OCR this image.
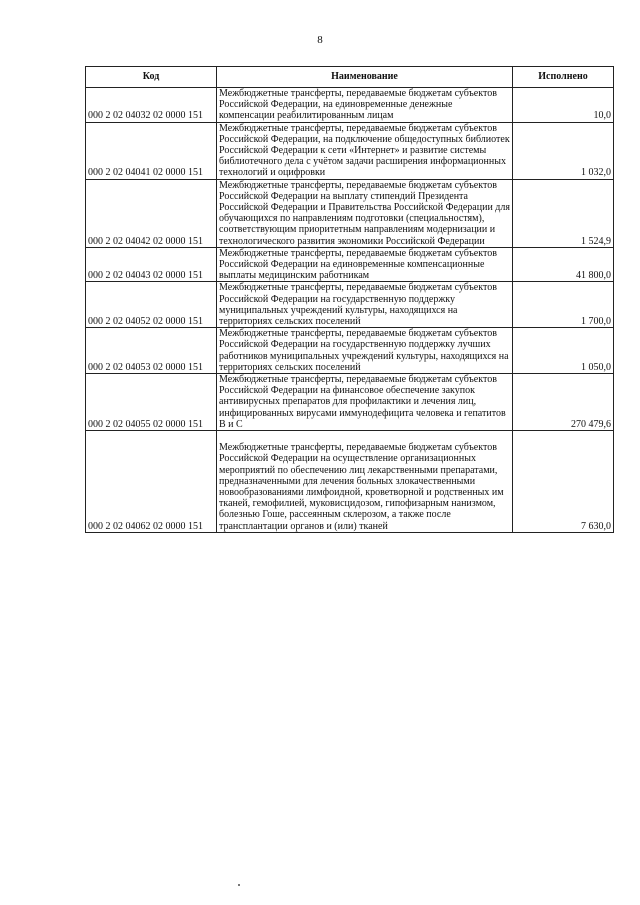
8
Код	Наименование	Исполнено
000 2 02 04032 02 0000 151	Межбюджетные трансферты, передаваемые бюджетам субъектов Российской Федерации, на единовременные денежные компенсации реабилитированным лицам	10,0
000 2 02 04041 02 0000 151	Межбюджетные трансферты, передаваемые бюджетам субъектов Российской Федерации, на подключение общедоступных библиотек Российской Федерации к сети «Интернет» и развитие системы библиотечного дела с учётом задачи расширения информационных технологий и оцифровки	1 032,0
000 2 02 04042 02 0000 151	Межбюджетные трансферты, передаваемые бюджетам субъектов Российской Федерации на выплату стипендий Президента Российской Федерации и Правительства Российской Федерации для обучающихся по направлениям подготовки (специальностям), соответствующим приоритетным направлениям модернизации и технологического развития экономики Российской Федерации	1 524,9
000 2 02 04043 02 0000 151	Межбюджетные трансферты, передаваемые бюджетам субъектов Российской Федерации на единовременные компенсационные выплаты медицинским работникам	41 800,0
000 2 02 04052 02 0000 151	Межбюджетные трансферты, передаваемые бюджетам субъектов Российской Федерации на государственную поддержку муниципальных учреждений культуры, находящихся на территориях сельских поселений	1 700,0
000 2 02 04053 02 0000 151	Межбюджетные трансферты, передаваемые бюджетам субъектов Российской Федерации на государственную поддержку лучших работников муниципальных учреждений культуры, находящихся на территориях сельских поселений	1 050,0
000 2 02 04055 02 0000 151	Межбюджетные трансферты, передаваемые бюджетам субъектов Российской Федерации на финансовое обеспечение закупок антивирусных препаратов для профилактики и лечения лиц, инфицированных вирусами иммунодефицита человека и гепатитов В и С	270 479,6
000 2 02 04062 02 0000 151	Межбюджетные трансферты, передаваемые бюджетам субъектов Российской Федерации на осуществление организационных мероприятий по обеспечению лиц лекарственными препаратами, предназначенными для лечения больных злокачественными новообразованиями лимфоидной, кроветворной и родственных им тканей, гемофилией, муковисцидозом, гипофизарным нанизмом, болезнью Гоше, рассеянным склерозом, а также после трансплантации органов и (или) тканей	7 630,0
